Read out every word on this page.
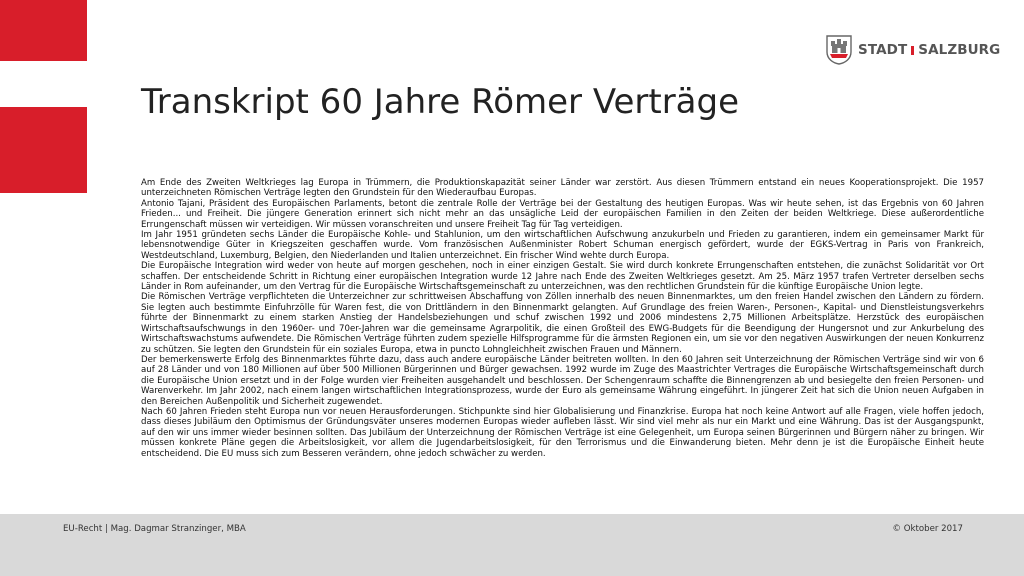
STADT SALZBURG
Transkript 60 Jahre Römer Verträge

Am Ende des Zweiten Weltkrieges lag Europa in Trümmern, die Produktionskapazität seiner Länder war zerstört. Aus diesen Trümmern entstand ein neues Kooperationsprojekt. Die 1957 unterzeichneten Römischen Verträge legten den Grundstein für den Wiederaufbau Europas.

Antonio Tajani, Präsident des Europäischen Parlaments, betont die zentrale Rolle der Verträge bei der Gestaltung des heutigen Europas. Was wir heute sehen, ist das Ergebnis von 60 Jahren Frieden... und Freiheit. Die jüngere Generation erinnert sich nicht mehr an das unsägliche Leid der europäischen Familien in den Zeiten der beiden Weltkriege. Diese außerordentliche Errungenschaft müssen wir verteidigen. Wir müssen voranschreiten und unsere Freiheit Tag für Tag verteidigen.

Im Jahr 1951 gründeten sechs Länder die Europäische Kohle- und Stahlunion, um den wirtschaftlichen Aufschwung anzukurbeln und Frieden zu garantieren, indem ein gemeinsamer Markt für lebensnotwendige Güter in Kriegszeiten geschaffen wurde. Vom französischen Außenminister Robert Schuman energisch gefördert, wurde der EGKS-Vertrag in Paris von Frankreich, Westdeutschland, Luxemburg, Belgien, den Niederlanden und Italien unterzeichnet. Ein frischer Wind wehte durch Europa.

Die Europäische Integration wird weder von heute auf morgen geschehen, noch in einer einzigen Gestalt. Sie wird durch konkrete Errungenschaften entstehen, die zunächst Solidarität vor Ort schaffen. Der entscheidende Schritt in Richtung einer europäischen Integration wurde 12 Jahre nach Ende des Zweiten Weltkrieges gesetzt. Am 25. März 1957 trafen Vertreter derselben sechs Länder in Rom aufeinander, um den Vertrag für die Europäische Wirtschaftsgemeinschaft zu unterzeichnen, was den rechtlichen Grundstein für die künftige Europäische Union legte.

Die Römischen Verträge verpflichteten die Unterzeichner zur schrittweisen Abschaffung von Zöllen innerhalb des neuen Binnenmarktes, um den freien Handel zwischen den Ländern zu fördern. Sie legten auch bestimmte Einfuhrzölle für Waren fest, die von Drittländern in den Binnenmarkt gelangten. Auf Grundlage des freien Waren-, Personen-, Kapital- und Dienstleistungsverkehrs führte der Binnenmarkt zu einem starken Anstieg der Handelsbeziehungen und schuf zwischen 1992 und 2006 mindestens 2,75 Millionen Arbeitsplätze. Herzstück des europäischen Wirtschaftsaufschwungs in den 1960er- und 70er-Jahren war die gemeinsame Agrarpolitik, die einen Großteil des EWG-Budgets für die Beendigung der Hungersnot und zur Ankurbelung des Wirtschaftswachstums aufwendete. Die Römischen Verträge führten zudem spezielle Hilfsprogramme für die ärmsten Regionen ein, um sie vor den negativen Auswirkungen der neuen Konkurrenz zu schützen. Sie legten den Grundstein für ein soziales Europa, etwa in puncto Lohngleichheit zwischen Frauen und Männern.

Der bemerkenswerte Erfolg des Binnenmarktes führte dazu, dass auch andere europäische Länder beitreten wollten. In den 60 Jahren seit Unterzeichnung der Römischen Verträge sind wir von 6 auf 28 Länder und von 180 Millionen auf über 500 Millionen Bürgerinnen und Bürger gewachsen. 1992 wurde im Zuge des Maastrichter Vertrages die Europäische Wirtschaftsgemeinschaft durch die Europäische Union ersetzt und in der Folge wurden vier Freiheiten ausgehandelt und beschlossen. Der Schengenraum schaffte die Binnengrenzen ab und besiegelte den freien Personen- und Warenverkehr. Im Jahr 2002, nach einem langen wirtschaftlichen Integrationsprozess, wurde der Euro als gemeinsame Währung eingeführt. In jüngerer Zeit hat sich die Union neuen Aufgaben in den Bereichen Außenpolitik und Sicherheit zugewendet.

Nach 60 Jahren Frieden steht Europa nun vor neuen Herausforderungen. Stichpunkte sind hier Globalisierung und Finanzkrise. Europa hat noch keine Antwort auf alle Fragen, viele hoffen jedoch, dass dieses Jubiläum den Optimismus der Gründungsväter unseres modernen Europas wieder aufleben lässt. Wir sind viel mehr als nur ein Markt und eine Währung. Das ist der Ausgangspunkt, auf den wir uns immer wieder besinnen sollten. Das Jubiläum der Unterzeichnung der Römischen Verträge ist eine Gelegenheit, um Europa seinen Bürgerinnen und Bürgern näher zu bringen. Wir müssen konkrete Pläne gegen die Arbeitslosigkeit, vor allem die Jugendarbeitslosigkeit, für den Terrorismus und die Einwanderung bieten. Mehr denn je ist die Europäische Einheit heute entscheidend. Die EU muss sich zum Besseren verändern, ohne jedoch schwächer zu werden.

EU-Recht | Mag. Dagmar Stranzinger, MBA	© Oktober 2017
